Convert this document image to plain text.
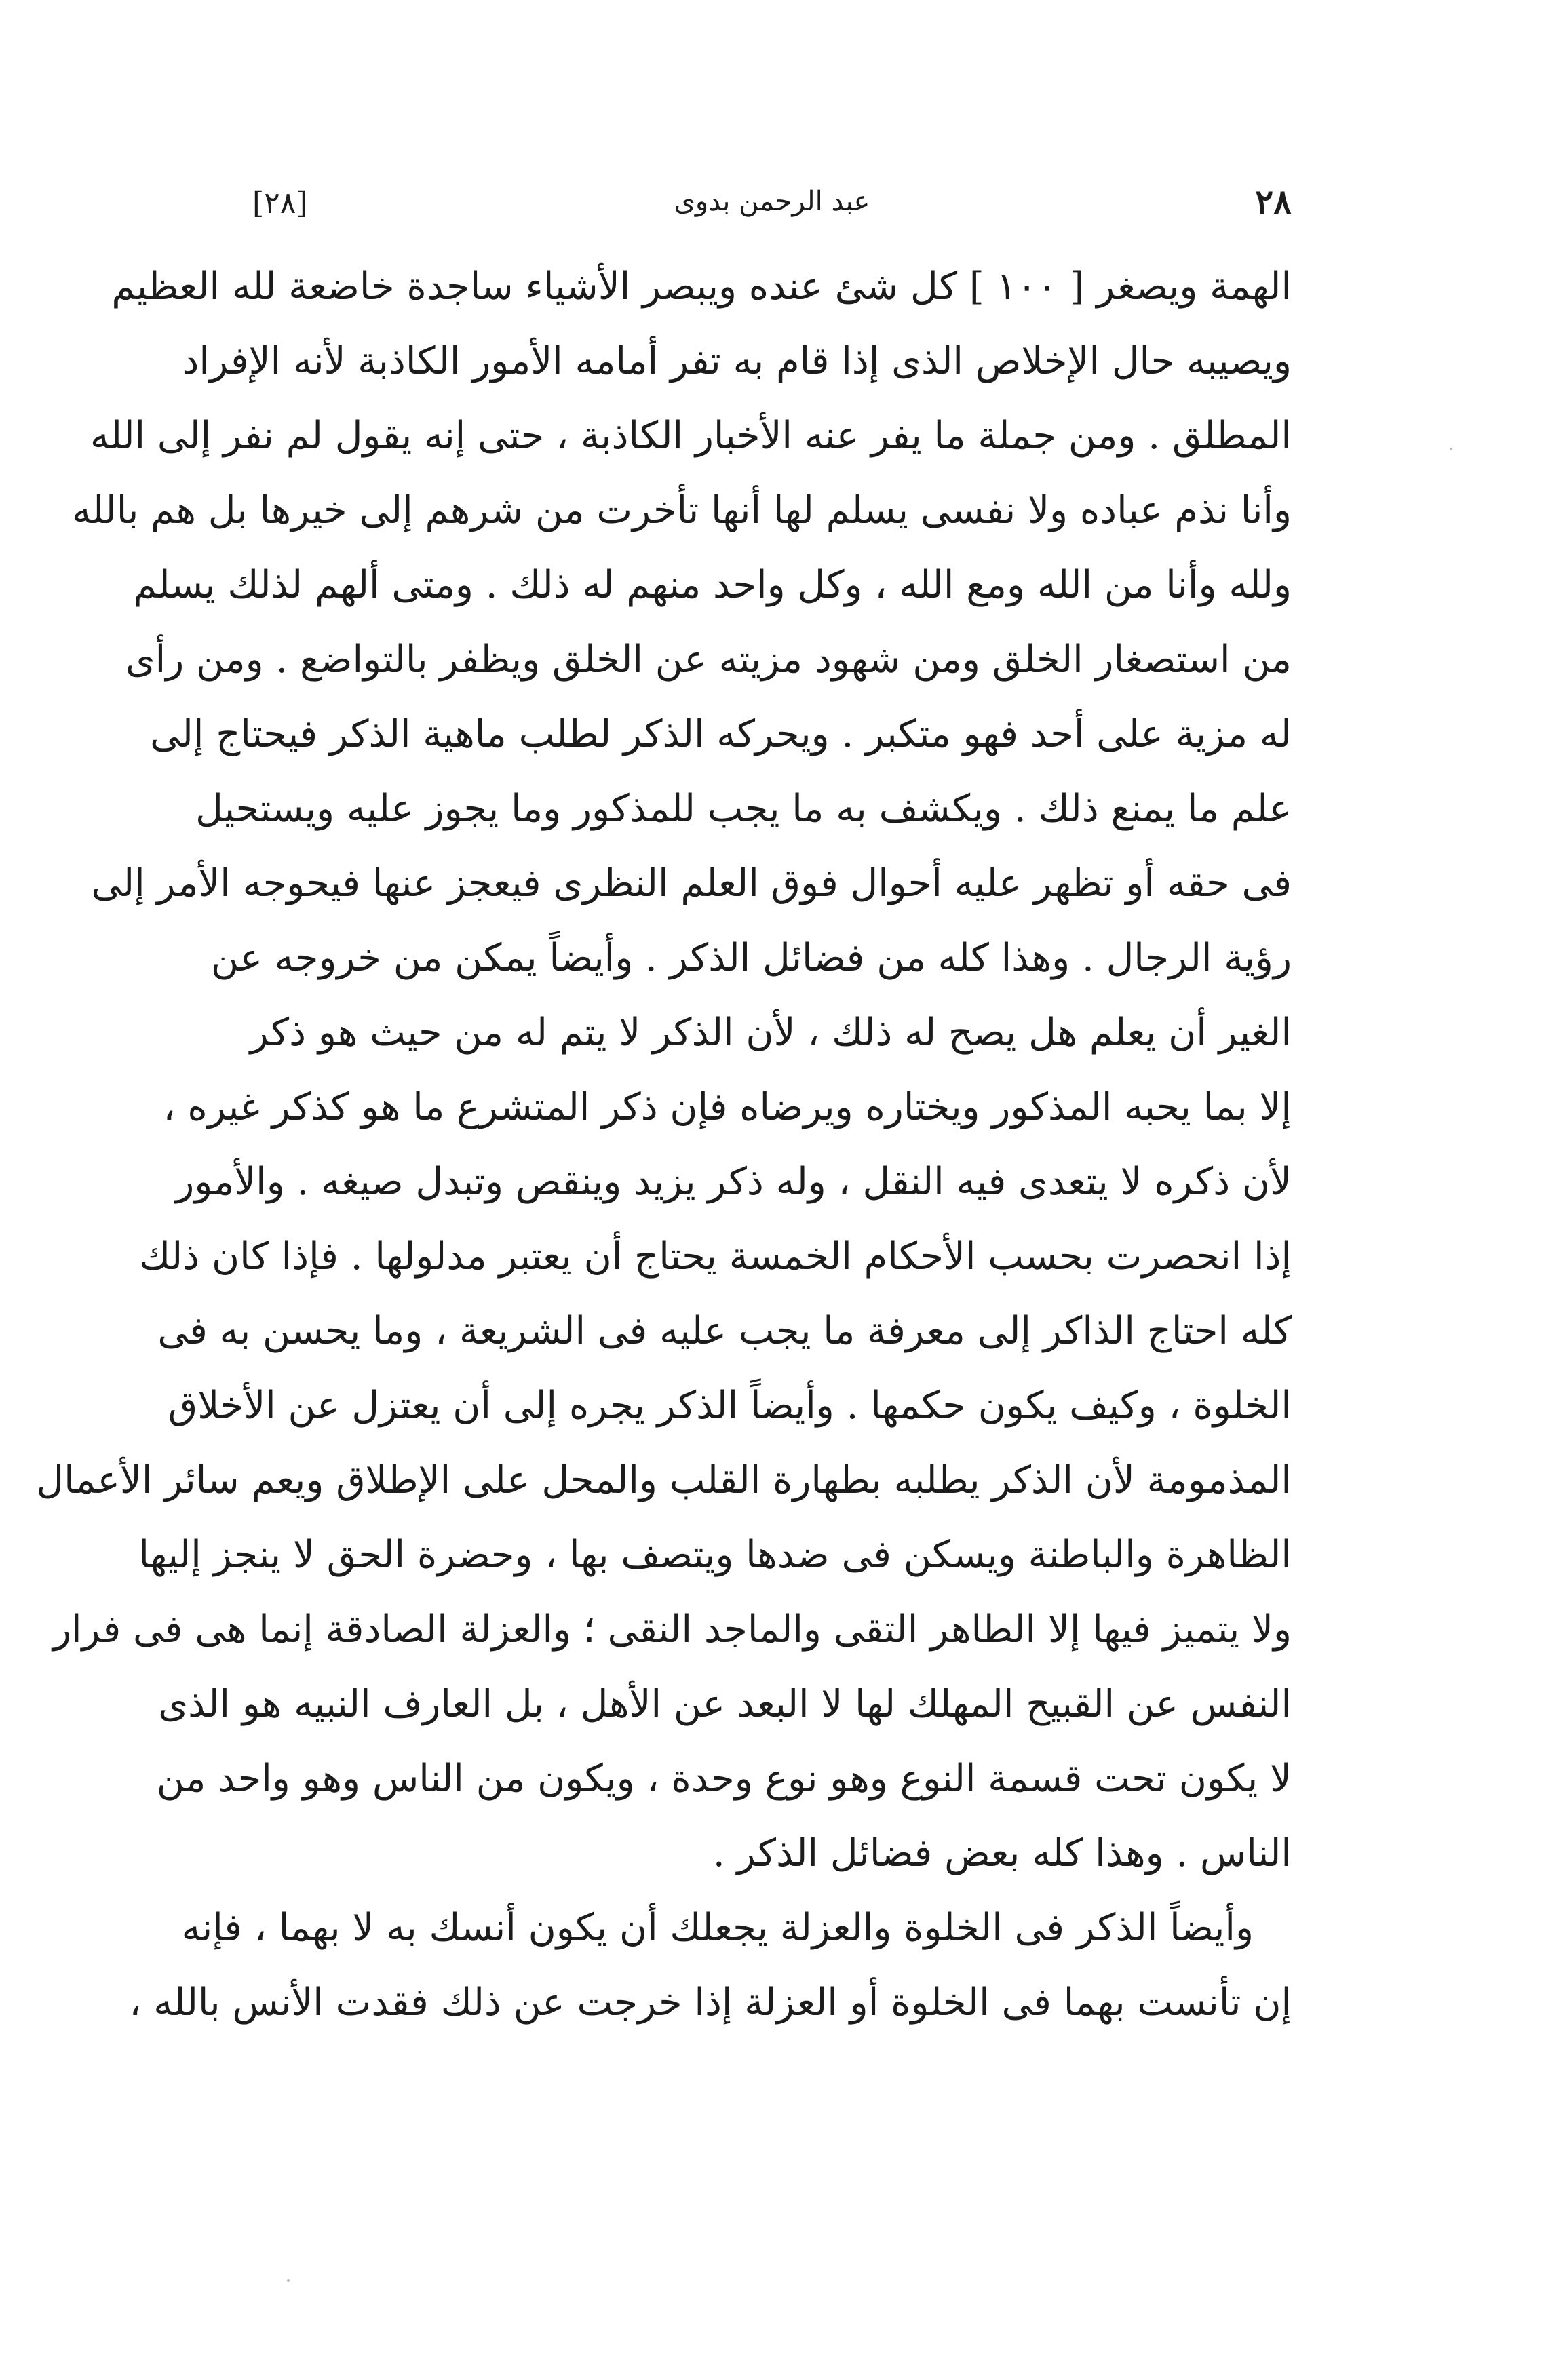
[٢٨]	عبد الرحمن بدوى	٢٨
الهمة ويصغر [ ١٠٠ ] كل شئ عنده ويبصر الأشياء ساجدة خاضعة لله العظيم
ويصيبه حال الإخلاص الذى إذا قام به تفر أمامه الأمور الكاذبة لأنه الإفراد
المطلق . ومن جملة ما يفر عنه الأخبار الكاذبة ، حتى إنه يقول لم نفر إلى الله
وأنا نذم عباده ولا نفسى يسلم لها أنها تأخرت من شرهم إلى خيرها بل هم بالله
ولله وأنا من الله ومع الله ، وكل واحد منهم له ذلك . ومتى ألهم لذلك يسلم
من استصغار الخلق ومن شهود مزيته عن الخلق ويظفر بالتواضع . ومن رأى
له مزية على أحد فهو متكبر . ويحركه الذكر لطلب ماهية الذكر فيحتاج إلى
علم ما يمنع ذلك . ويكشف به ما يجب للمذكور وما يجوز عليه ويستحيل
فى حقه أو تظهر عليه أحوال فوق العلم النظرى فيعجز عنها فيحوجه الأمر إلى
رؤية الرجال . وهذا كله من فضائل الذكر . وأيضاً يمكن من خروجه عن
الغير أن يعلم هل يصح له ذلك ، لأن الذكر لا يتم له من حيث هو ذكر
إلا بما يحبه المذكور ويختاره ويرضاه فإن ذكر المتشرع ما هو كذكر غيره ،
لأن ذكره لا يتعدى فيه النقل ، وله ذكر يزيد وينقص وتبدل صيغه . والأمور
إذا انحصرت بحسب الأحكام الخمسة يحتاج أن يعتبر مدلولها . فإذا كان ذلك
كله احتاج الذاكر إلى معرفة ما يجب عليه فى الشريعة ، وما يحسن به فى
الخلوة ، وكيف يكون حكمها . وأيضاً الذكر يجره إلى أن يعتزل عن الأخلاق
المذمومة لأن الذكر يطلبه بطهارة القلب والمحل على الإطلاق ويعم سائر الأعمال
الظاهرة والباطنة ويسكن فى ضدها ويتصف بها ، وحضرة الحق لا ينجز إليها
ولا يتميز فيها إلا الطاهر التقى والماجد النقى ؛ والعزلة الصادقة إنما هى فى فرار
النفس عن القبيح المهلك لها لا البعد عن الأهل ، بل العارف النبيه هو الذى
لا يكون تحت قسمة النوع وهو نوع وحدة ، ويكون من الناس وهو واحد من
الناس . وهذا كله بعض فضائل الذكر .
وأيضاً الذكر فى الخلوة والعزلة يجعلك أن يكون أنسك به لا بهما ، فإنه
إن تأنست بهما فى الخلوة أو العزلة إذا خرجت عن ذلك فقدت الأنس بالله ،
